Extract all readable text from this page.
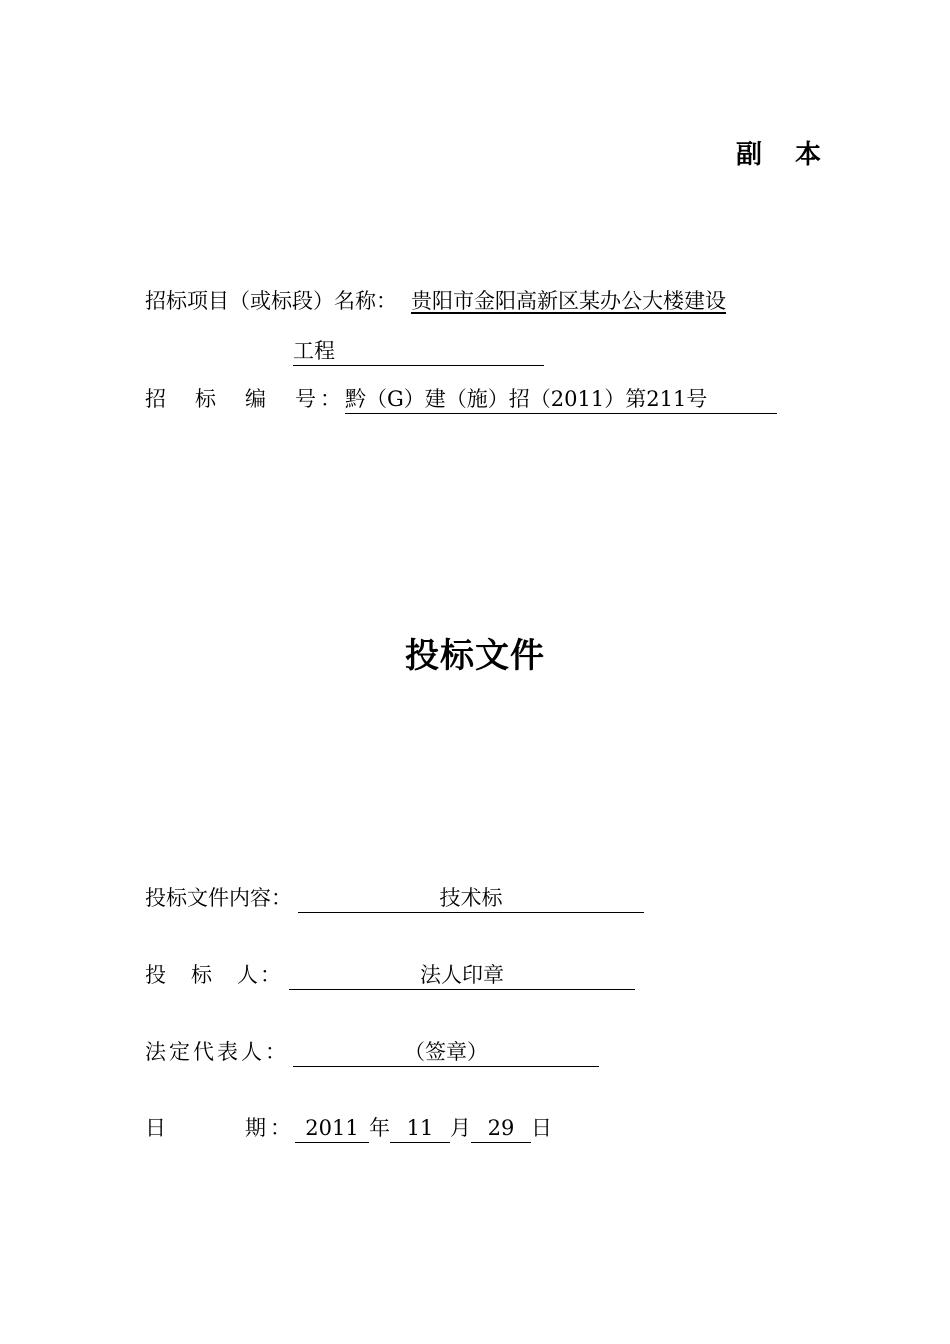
副 本
招标项目（或标段）名称： 贵阳市金阳高新区某办公大楼建设
工程
招　标　编　号：黔（G）建（施）招（2011）第211号
投标文件
投标文件内容：	技术标
投　标　人：	法人印章
法定代表人：	（签章）
日　　　期： 2011 年 11 月 29 日
